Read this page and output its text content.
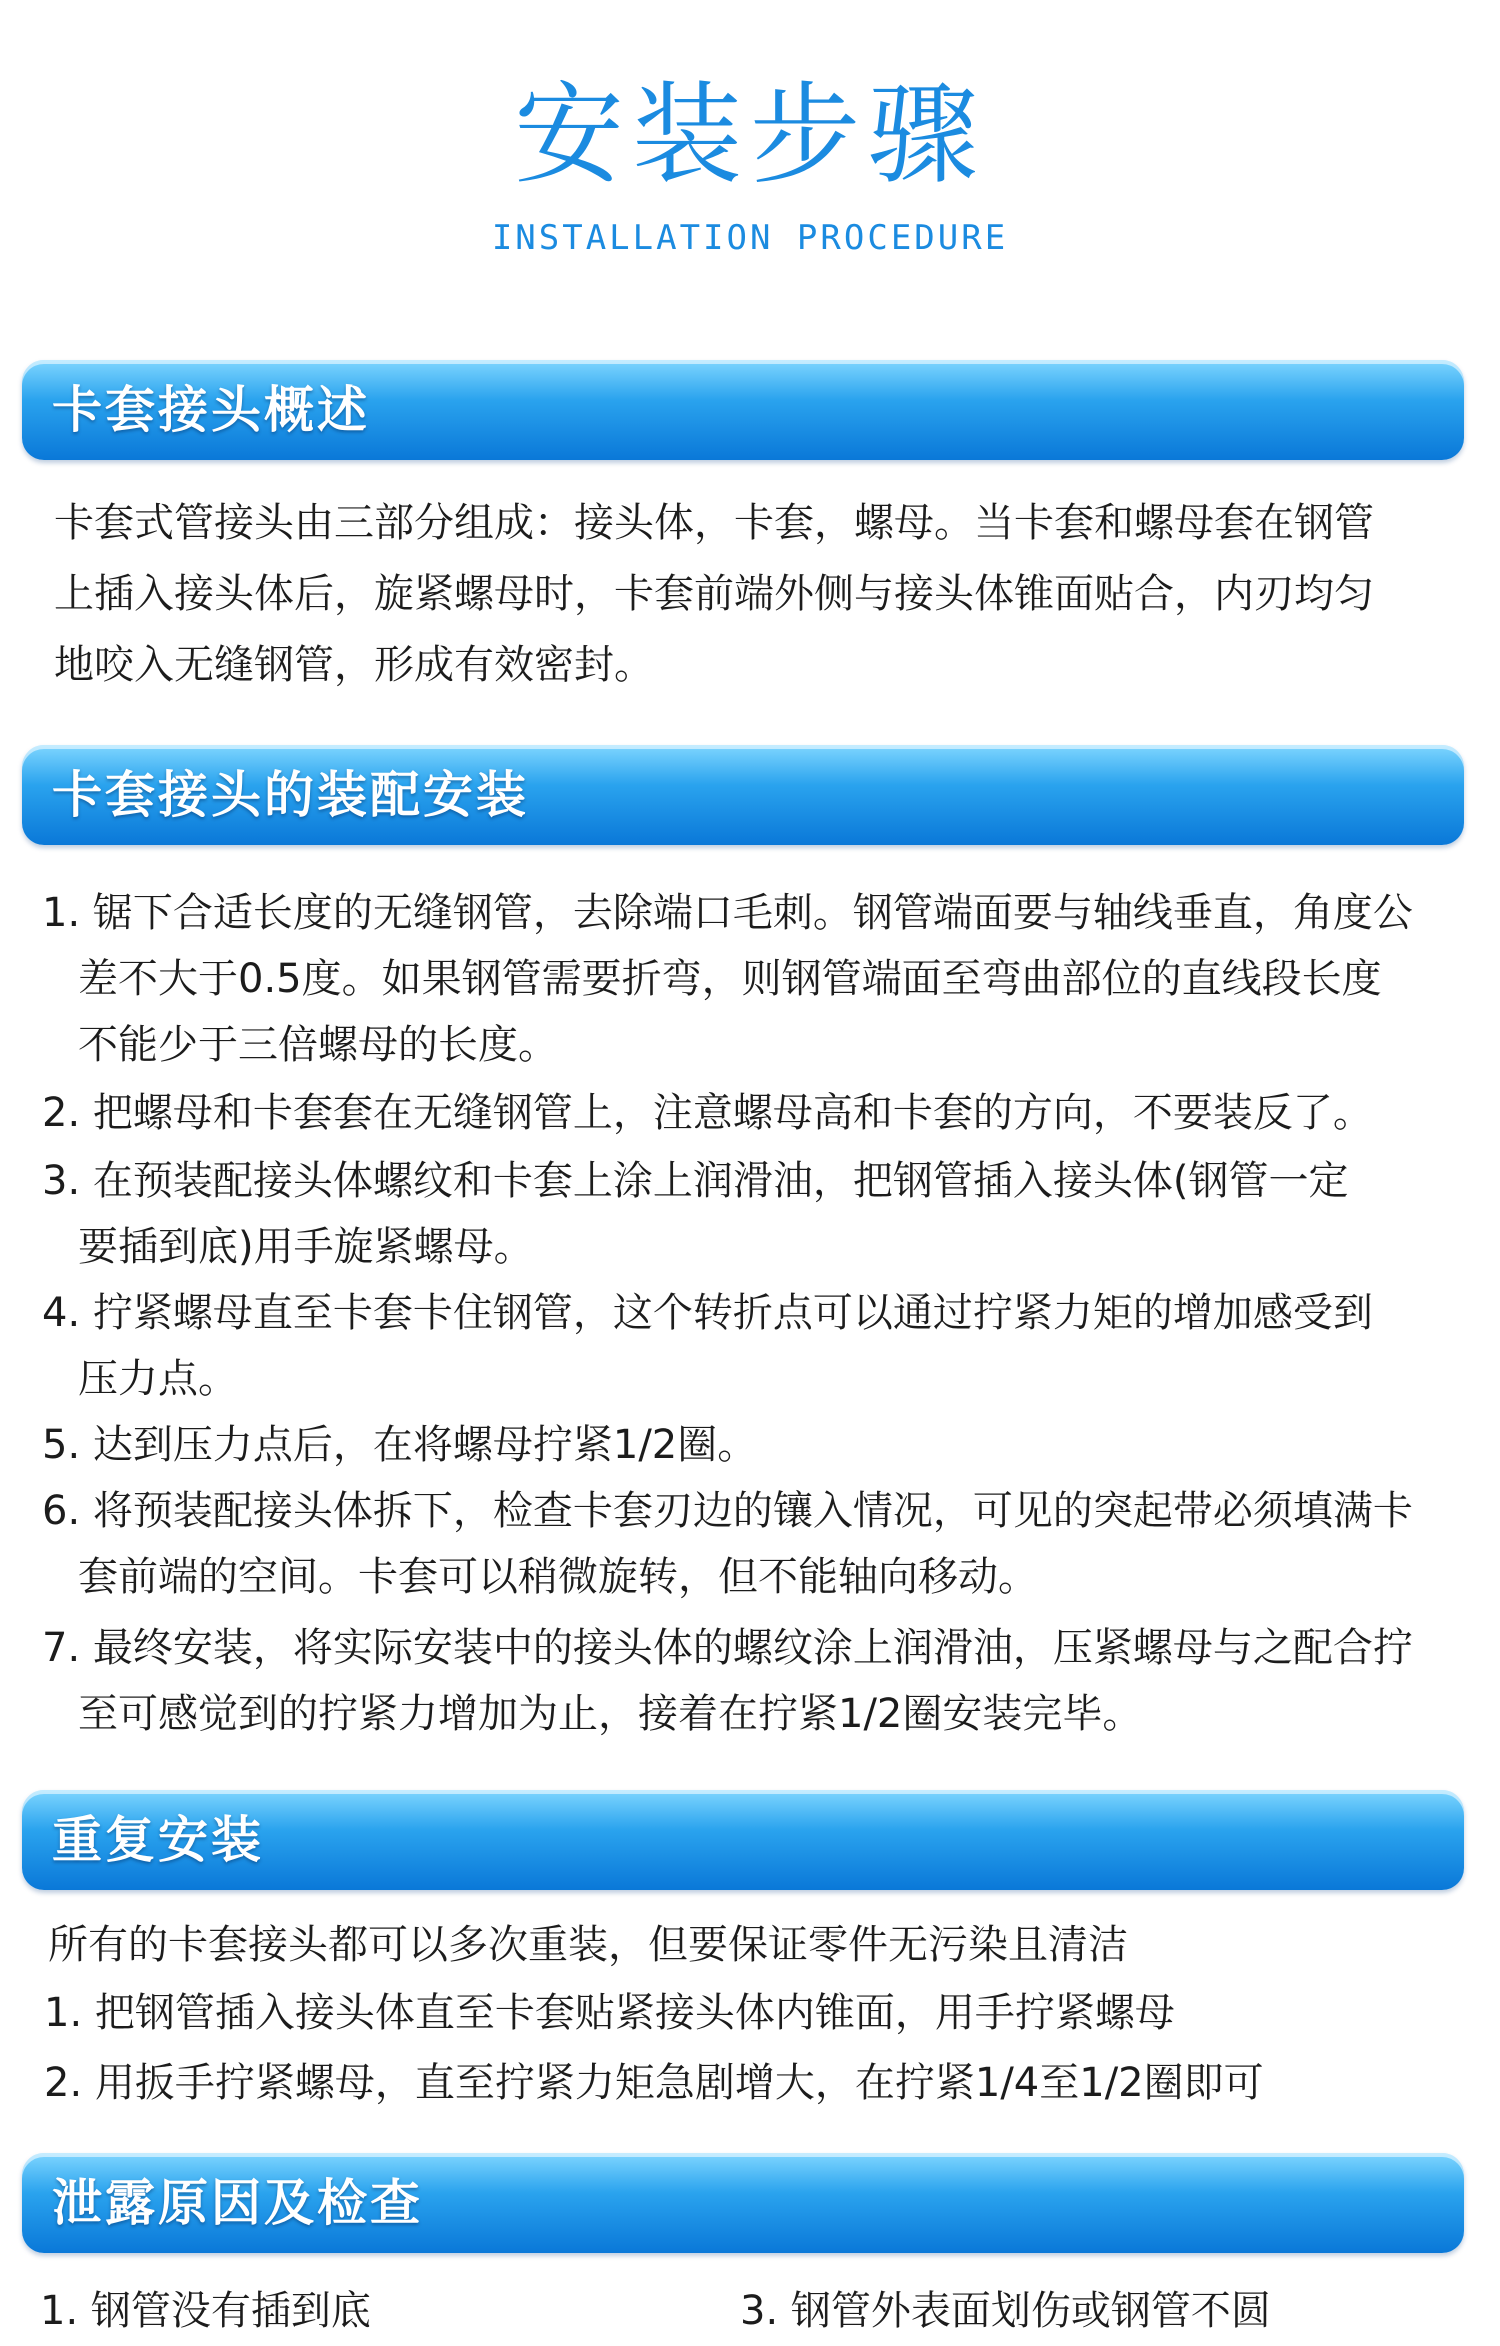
安装步骤
INSTALLATION PROCEDURE
卡套接头概述
卡套式管接头由三部分组成：接头体，卡套，螺母。当卡套和螺母套在钢管
上插入接头体后，旋紧螺母时，卡套前端外侧与接头体锥面贴合，内刃均匀
地咬入无缝钢管，形成有效密封。
卡套接头的装配安装
1. 锯下合适长度的无缝钢管，去除端口毛刺。钢管端面要与轴线垂直，角度公
差不大于0.5度。如果钢管需要折弯，则钢管端面至弯曲部位的直线段长度
不能少于三倍螺母的长度。
2. 把螺母和卡套套在无缝钢管上，注意螺母高和卡套的方向，不要装反了。
3. 在预装配接头体螺纹和卡套上涂上润滑油，把钢管插入接头体(钢管一定
要插到底)用手旋紧螺母。
4. 拧紧螺母直至卡套卡住钢管，这个转折点可以通过拧紧力矩的增加感受到
压力点。
5. 达到压力点后，在将螺母拧紧1/2圈。
6. 将预装配接头体拆下，检查卡套刃边的镶入情况，可见的突起带必须填满卡
套前端的空间。卡套可以稍微旋转，但不能轴向移动。
7. 最终安装，将实际安装中的接头体的螺纹涂上润滑油，压紧螺母与之配合拧
至可感觉到的拧紧力增加为止，接着在拧紧1/2圈安装完毕。
重复安装
所有的卡套接头都可以多次重装，但要保证零件无污染且清洁
1. 把钢管插入接头体直至卡套贴紧接头体内锥面，用手拧紧螺母
2. 用扳手拧紧螺母，直至拧紧力矩急剧增大，在拧紧1/4至1/2圈即可
泄露原因及检查
1. 钢管没有插到底	3. 钢管外表面划伤或钢管不圆
